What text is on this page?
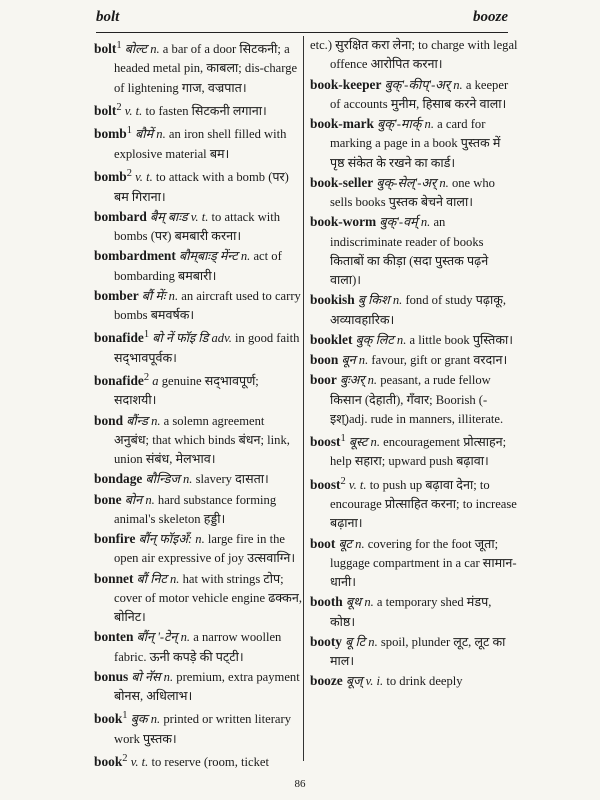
bolt	booze

bolt$^1$ बोल्ट n. a bar of a door सिटकनी; a headed metal pin, काबला; dis-charge of lightening गाज, वज्रपात।

bolt$^2$ v. t. to fasten सिटकनी लगाना।

bomb$^1$ बौमें n. an iron shell filled with explosive material बम।

bomb$^2$ v. t. to attack with a bomb (पर) बम गिराना।

bombard बैम् बाःड v. t. to attack with bombs (पर) बमबारी करना।

bombardment बौम्‌बाःड् मेंन्ट n. act of bombarding बमबारी।

bomber बौं मेंः n. an aircraft used to carry bombs बमवर्षक।

bonafide$^1$ बो नें फॉइ डि adv. in good faith सद्‌भावपूर्वक।

bonafide$^2$ a genuine सद्‌भावपूर्ण; सदाशयी।

bond बौंन्ड n. a solemn agreement अनुबंध; that which binds बंधन; link, union संबंध, मेलभाव।

bondage बौन्डिज n. slavery दासता।

bone बोन n. hard substance forming animal's skeleton हड्डी।

bonfire बौंन् फॉइॲं: n. large fire in the open air expressive of joy उत्सवाग्नि।

bonnet बौं निट n. hat with strings टोप; cover of motor vehicle engine ढक्कन, बोनिट।

bonten बौंन् '-टेन् n. a narrow woollen fabric. ऊनी कपड़े की पट्‌टी।

bonus बो नॅस n. premium, extra payment बोनस, अधिलाभ।

book$^1$ बुक n. printed or written literary work पुस्तक।

book$^2$ v. t. to reserve (room, ticket

etc.) सुरक्षित करा लेना; to charge with legal offence आरोपित करना।

book-keeper बुक्‌'-कीप्‌'-अर् n. a keeper of accounts मुनीम, हिसाब करने वाला।

book-mark बुक्‌'-मार्क् n. a card for marking a page in a book पुस्तक में पृष्ठ संकेत के रखने का कार्ड।

book-seller बुक्‌-सेल्‌'-अर् n. one who sells books पुस्तक बेचने वाला।

book-worm बुक्‌'-वर्म् n. an indiscriminate reader of books किताबों का कीड़ा (सदा पुस्तक पढ़ने वाला)।

bookish बु किश n. fond of study पढ़ाकू, अव्यावहारिक।

booklet बुक् लिट n. a little book पुस्तिका।

boon बून n. favour, gift or grant वरदान।

boor बुःअर् n. peasant, a rude fellow किसान (देहाती), गँवार; Boorish (-इश्)adj. rude in manners, illiterate.

boost$^1$ बूस्ट n. encouragement प्रोत्साहन; help सहारा; upward push बढ़ावा।

boost$^2$ v. t. to push up बढ़ावा देना; to encourage प्रोत्साहित करना; to increase बढ़ाना।

boot बूट n. covering for the foot जूता; luggage compartment in a car सामान-धानी।

booth बूथ n. a temporary shed मंडप, कोष्ठ।

booty बू टि n. spoil, plunder लूट, लूट का माल।

booze बूज् v. i. to drink deeply

86
